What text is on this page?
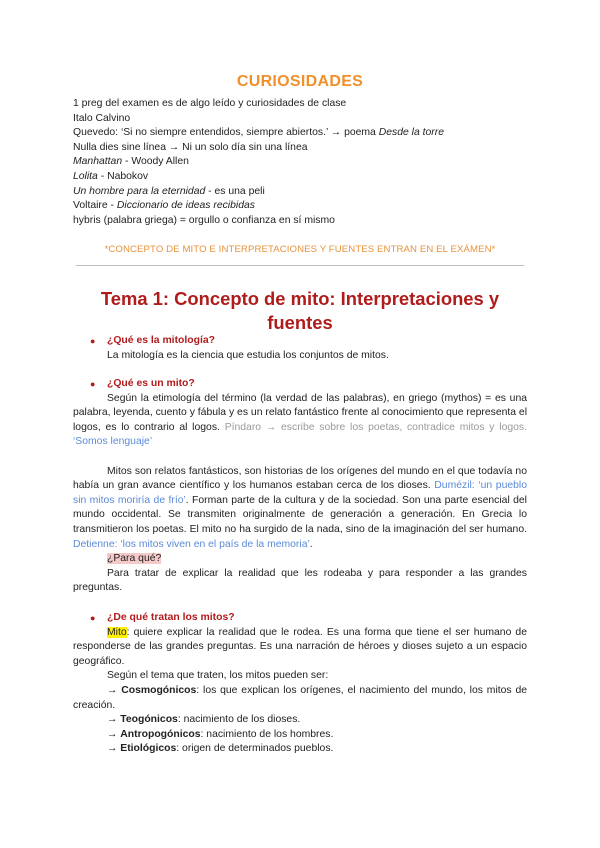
CURIOSIDADES
1 preg del examen es de algo leído y curiosidades de clase
Italo Calvino
Quevedo: ‘Si no siempre entendidos, siempre abiertos.’ → poema Desde la torre
Nulla dies sine línea → Ni un solo día sin una línea
Manhattan - Woody Allen
Lolita - Nabokov
Un hombre para la eternidad - es una peli
Voltaire - Diccionario de ideas recibidas
hybris (palabra griega) = orgullo o confianza en sí mismo
*CONCEPTO DE MITO E INTERPRETACIONES Y FUENTES ENTRAN EN EL EXÁMEN*
Tema 1: Concepto de mito: Interpretaciones y fuentes
●	¿Qué es la mitología?

La mitología es la ciencia que estudia los conjuntos de mitos.

●	¿Qué es un mito?

Según la etimología del término (la verdad de las palabras), en griego (mythos) = es una palabra, leyenda, cuento y fábula y es un relato fantástico frente al conocimiento que representa el logos, es lo contrario al logos. Píndaro → escribe sobre los poetas, contradice mitos y logos. ‘Somos lenguaje’

Mitos son relatos fantásticos, son historias de los orígenes del mundo en el que todavía no había un gran avance científico y los humanos estaban cerca de los dioses. Dumézil: ‘un pueblo sin mitos moriría de frío’. Forman parte de la cultura y de la sociedad. Son una parte esencial del mundo occidental. Se transmiten originalmente de generación a generación. En Grecia lo transmitieron los poetas. El mito no ha surgido de la nada, sino de la imaginación del ser humano. Detienne: ‘los mitos viven en el país de la memoria’.

¿Para qué?

Para tratar de explicar la realidad que les rodeaba y para responder a las grandes preguntas.

●	¿De qué tratan los mitos?

Mito: quiere explicar la realidad que le rodea. Es una forma que tiene el ser humano de responderse de las grandes preguntas. Es una narración de héroes y dioses sujeto a un espacio geográfico.

Según el tema que traten, los mitos pueden ser:

→ Cosmogónicos: los que explican los orígenes, el nacimiento del mundo, los mitos de creación.

→ Teogónicos: nacimiento de los dioses.

→ Antropogónicos: nacimiento de los hombres.

→ Etiológicos: origen de determinados pueblos.
